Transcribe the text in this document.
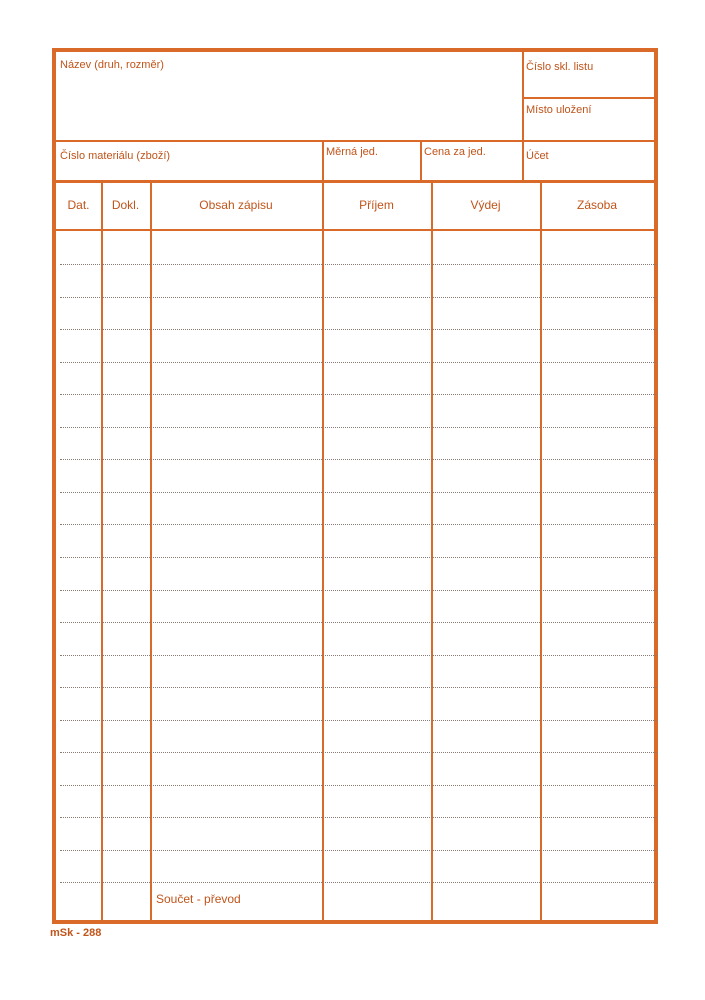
Název (druh, rozměr)	Číslo skl. listu
Místo uložení
Číslo materiálu (zboží)	Měrná jed.	Cena za jed.	Účet
Dat.	Dokl.	Obsah zápisu	Příjem	Výdej	Zásoba
Součet - převod
mSk - 288
